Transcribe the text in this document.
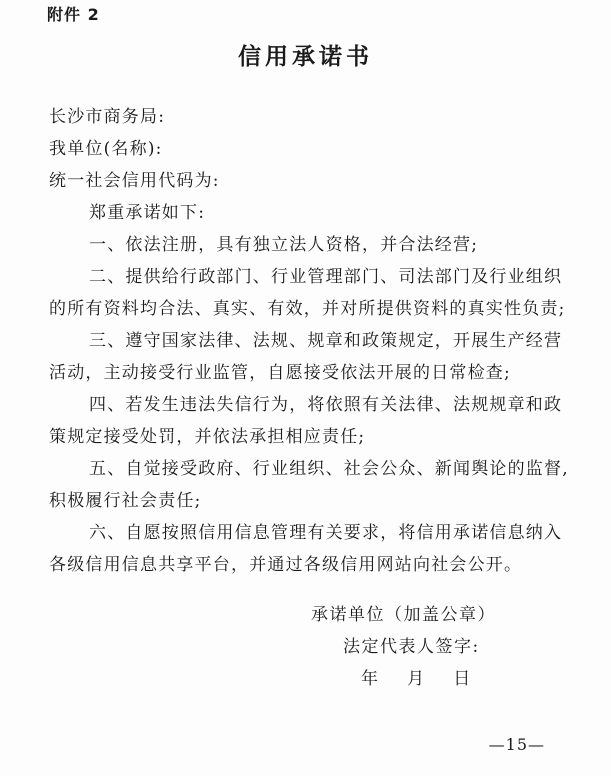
附件 2
信用承诺书
长沙市商务局:
我单位(名称):
统一社会信用代码为:
郑重承诺如下:
一、依法注册，具有独立法人资格，并合法经营;
二、提供给行政部门、行业管理部门、司法部门及行业组织
的所有资料均合法、真实、有效，并对所提供资料的真实性负责;
三、遵守国家法律、法规、规章和政策规定，开展生产经营
活动，主动接受行业监管，自愿接受依法开展的日常检查;
四、若发生违法失信行为，将依照有关法律、法规规章和政
策规定接受处罚，并依法承担相应责任;
五、自觉接受政府、行业组织、社会公众、新闻舆论的监督,
积极履行社会责任;
六、自愿按照信用信息管理有关要求，将信用承诺信息纳入
各级信用信息共享平台，并通过各级信用网站向社会公开。
承诺单位（加盖公章）
法定代表人签字:
年    月    日
—15—
